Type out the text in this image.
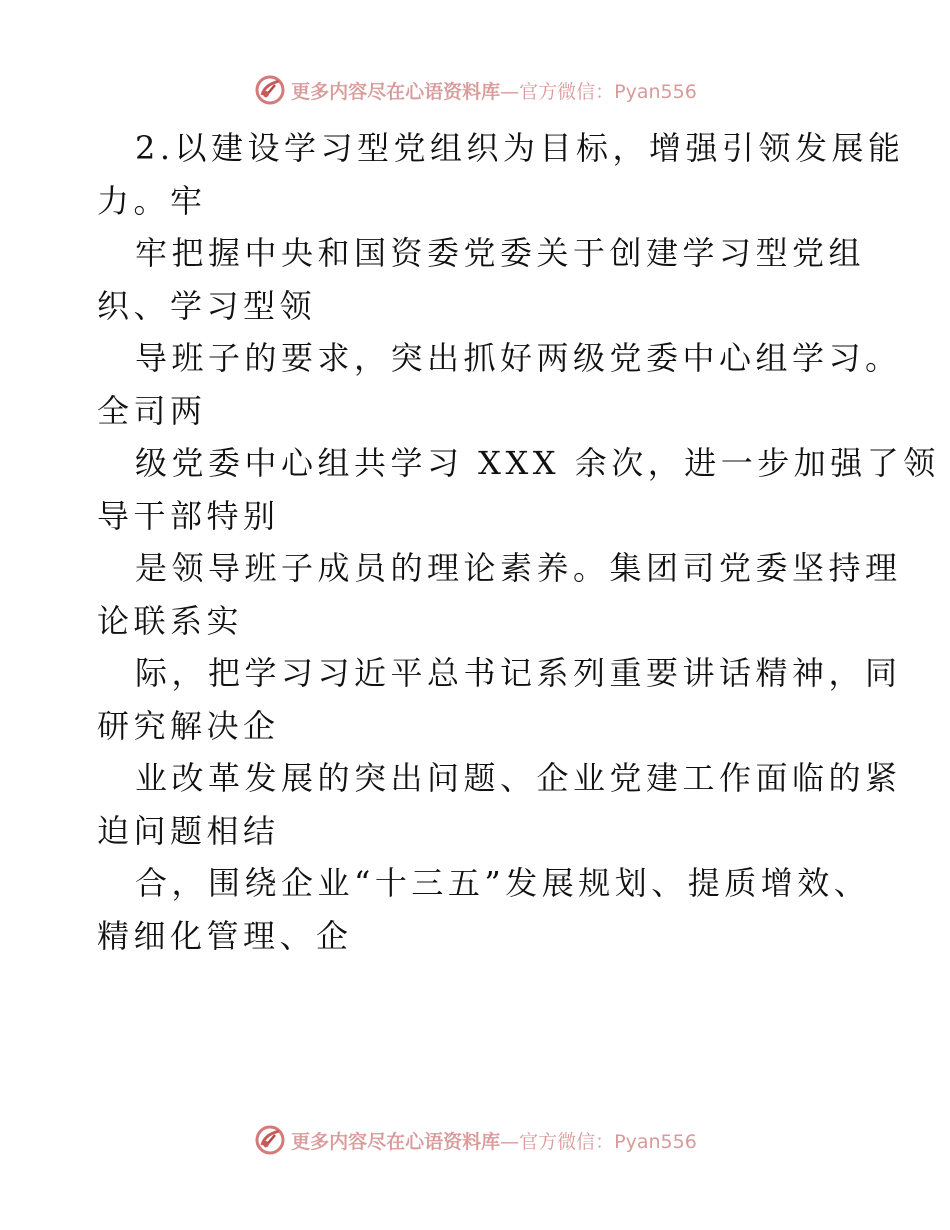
更多内容尽在心语资料库 —官方微信：Pyan556
2.以建设学习型党组织为目标，增强引领发展能
力。牢
牢把握中央和国资委党委关于创建学习型党组
织、学习型领
导班子的要求，突出抓好两级党委中心组学习。
全司两
级党委中心组共学习 XXX 余次，进一步加强了领
导干部特别
是领导班子成员的理论素养。集团司党委坚持理
论联系实
际，把学习习近平总书记系列重要讲话精神，同
研究解决企
业改革发展的突出问题、企业党建工作面临的紧
迫问题相结
合，围绕企业“十三五”发展规划、提质增效、
精细化管理、企
更多内容尽在心语资料库 —官方微信：Pyan556
